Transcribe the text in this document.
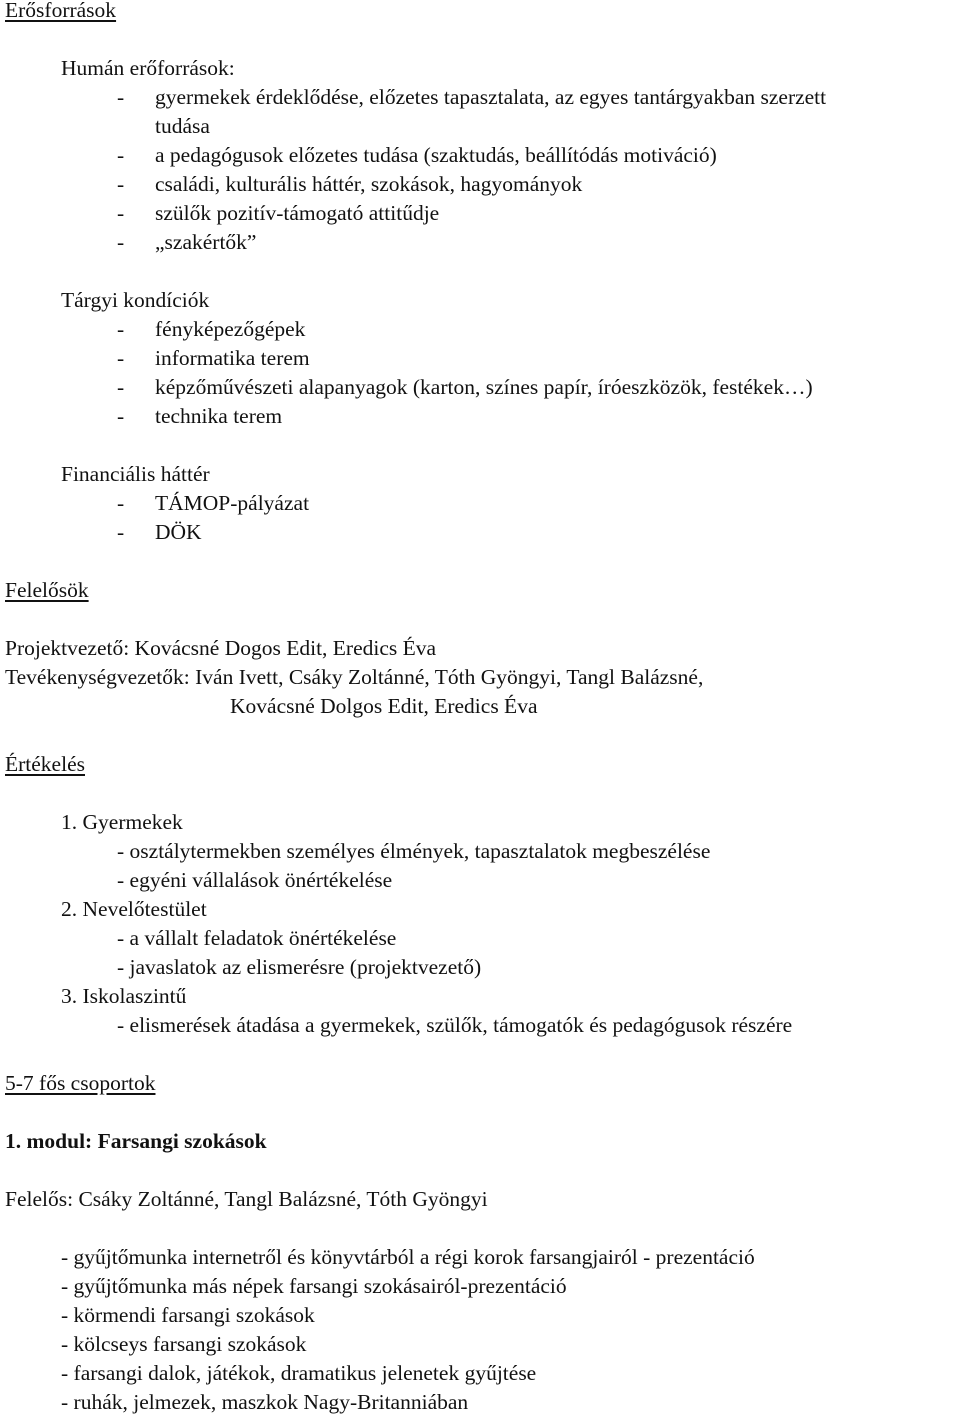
Erősforrások
Humán erőforrások:
- gyermekek érdeklődése, előzetes tapasztalata, az egyes tantárgyakban szerzett
tudása
- a pedagógusok előzetes tudása (szaktudás, beállítódás motiváció)
- családi, kulturális háttér, szokások, hagyományok
- szülők pozitív-támogató attitűdje
- „szakértők”
Tárgyi kondíciók
- fényképezőgépek
- informatika terem
- képzőművészeti alapanyagok (karton, színes papír, íróeszközök, festékek…)
- technika terem
Financiális háttér
- TÁMOP-pályázat
- DÖK
Felelősök
Projektvezető: Kovácsné Dogos Edit, Eredics Éva
Tevékenységvezetők: Iván Ivett, Csáky Zoltánné, Tóth Gyöngyi, Tangl Balázsné,
Kovácsné Dolgos Edit, Eredics Éva
Értékelés
1. Gyermekek
- osztálytermekben személyes élmények, tapasztalatok megbeszélése
- egyéni vállalások önértékelése
2. Nevelőtestület
- a vállalt feladatok önértékelése
- javaslatok az elismerésre (projektvezető)
3. Iskolaszintű
- elismerések átadása a gyermekek, szülők, támogatók és pedagógusok részére
5-7 fős csoportok
1. modul: Farsangi szokások
Felelős: Csáky Zoltánné, Tangl Balázsné, Tóth Gyöngyi
- gyűjtőmunka internetről és könyvtárból a régi korok farsangjairól - prezentáció
- gyűjtőmunka más népek farsangi szokásairól-prezentáció
- körmendi farsangi szokások
- kölcseys farsangi szokások
- farsangi dalok, játékok, dramatikus jelenetek gyűjtése
- ruhák, jelmezek, maszkok Nagy-Britanniában
